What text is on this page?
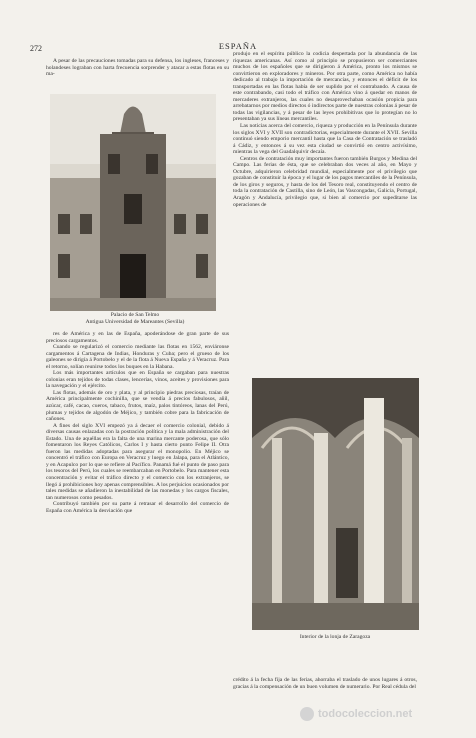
272	ESPAÑA

A pesar de las precauciones tomadas para su defensa, los ingleses, franceses y holandeses lograban con harta frecuencia sorprender y atacar a estas flotas en su ma-

Palacio de San Telmo
Antigua Universidad de Mareantes (Sevilla)

res de América y en las de España, apoderándose de gran parte de sus preciosos cargamentos.

Cuando se regularizó el comercio mediante las flotas en 1562, enviáronse cargamentos á Cartagena de Indias, Honduras y Cuba; pero el grueso de los galeones se dirigía á Portobelo y el de la flota á Nueva España y á Veracruz. Para el retorno, solían reunirse todos los buques en la Habana.

Los más importantes artículos que en España se cargaban para nuestras colonias eran tejidos de todas clases, lencerías, vinos, aceites y provisiones para la navegación y el ejército.

Las flotas, además de oro y plata, y al principio piedras preciosas, traían de América principalmente cochinilla, que se vendía á precios fabulosos, añil, azúcar, café, cacao, cueros, tabaco, frutos, maíz, palos tintóreos, lanas del Perú, plumas y tejidos de algodón de Méjico, y también cobre para la fabricación de cañones.

A fines del siglo XVI empezó ya á decaer el comercio colonial, debido á diversas causas enlazadas con la postración política y la mala administración del Estado. Una de aquéllas era la falta de una marina mercante poderosa, que sólo fomentaron los Reyes Católicos, Carlos I y hasta cierto punto Felipe II. Otra fueron las medidas adoptadas para asegurar el monopolio. En Méjico se concentró el tráfico con Europa en Veracruz y luego en Jalapa, para el Atlántico, y en Acapulco por lo que se refiere al Pacífico. Panamá fué el punto de paso para los tesoros del Perú, los cuales se reembarcaban en Portobelo. Para mantener esta concentración y evitar el tráfico directo y el comercio con los extranjeros, se llegó á prohibiciones hoy apenas comprensibles. A los perjuicios ocasionados por tales medidas se añadieron la inestabilidad de las monedas y los cargos fiscales, tan numerosos como pesados.

Contribuyó también por su parte á retrasar el desarrollo del comercio de España con América la desviación que

produjo en el espíritu público la codicia despertada por la abundancia de las riquezas americanas. Así como al principio se propusieron ser comerciantes muchos de los españoles que se dirigieron á América, pronto los mismos se convirtieron en exploradores y mineros. Por otra parte, como América no había dedicado al trabajo la importación de mercancías, y entonces el déficit de los transportadas en las flotas había de ser suplido por el contrabando. A causa de este contrabando, casi todo el tráfico con América vino á quedar en manos de mercaderes extranjeros, las cuales no desaprovechaban ocasión propicia para arrebatarnos por medios directos ó indirectos parte de nuestras colonias á pesar de todas las vigilancias, y á pesar de las leyes prohibitivas que lo protegían no lo presentaban ya sus líneas mercantiles.

Las noticias acerca del comercio, riqueza y producción en la Península durante los siglos XVI y XVII son contradictorias, especialmente durante el XVII. Sevilla continuó siendo emporio mercantil hasta que la Casa de Contratación se trasladó á Cádiz, y entonces á su vez esta ciudad se convirtió en centro activísimo, mientras la vega del Guadalquivir decaía.

Centros de contratación muy importantes fueron también Burgos y Medina del Campo. Las ferias de ésta, que se celebraban dos veces al año, en Mayo y Octubre, adquirieron celebridad mundial, especialmente por el privilegio que gozaban de constituir la época y el lugar de los pagos mercantiles de la Península, de los giros y seguros, y hasta de los del Tesoro real, constituyendo el centro de toda la contratación de Castilla, sino de León, las Vascongadas, Galicia, Portugal, Aragón y Andalucía, privilegio que, si bien al comercio por supeditarse las operaciones de

Interior de la lonja de Zaragoza

crédito á la fecha fija de las ferias, ahorraba el traslado de unos lugares á otros, gracias á la compensación de un buen volumen de numerario. Por Real cédula del

todocoleccion.net
